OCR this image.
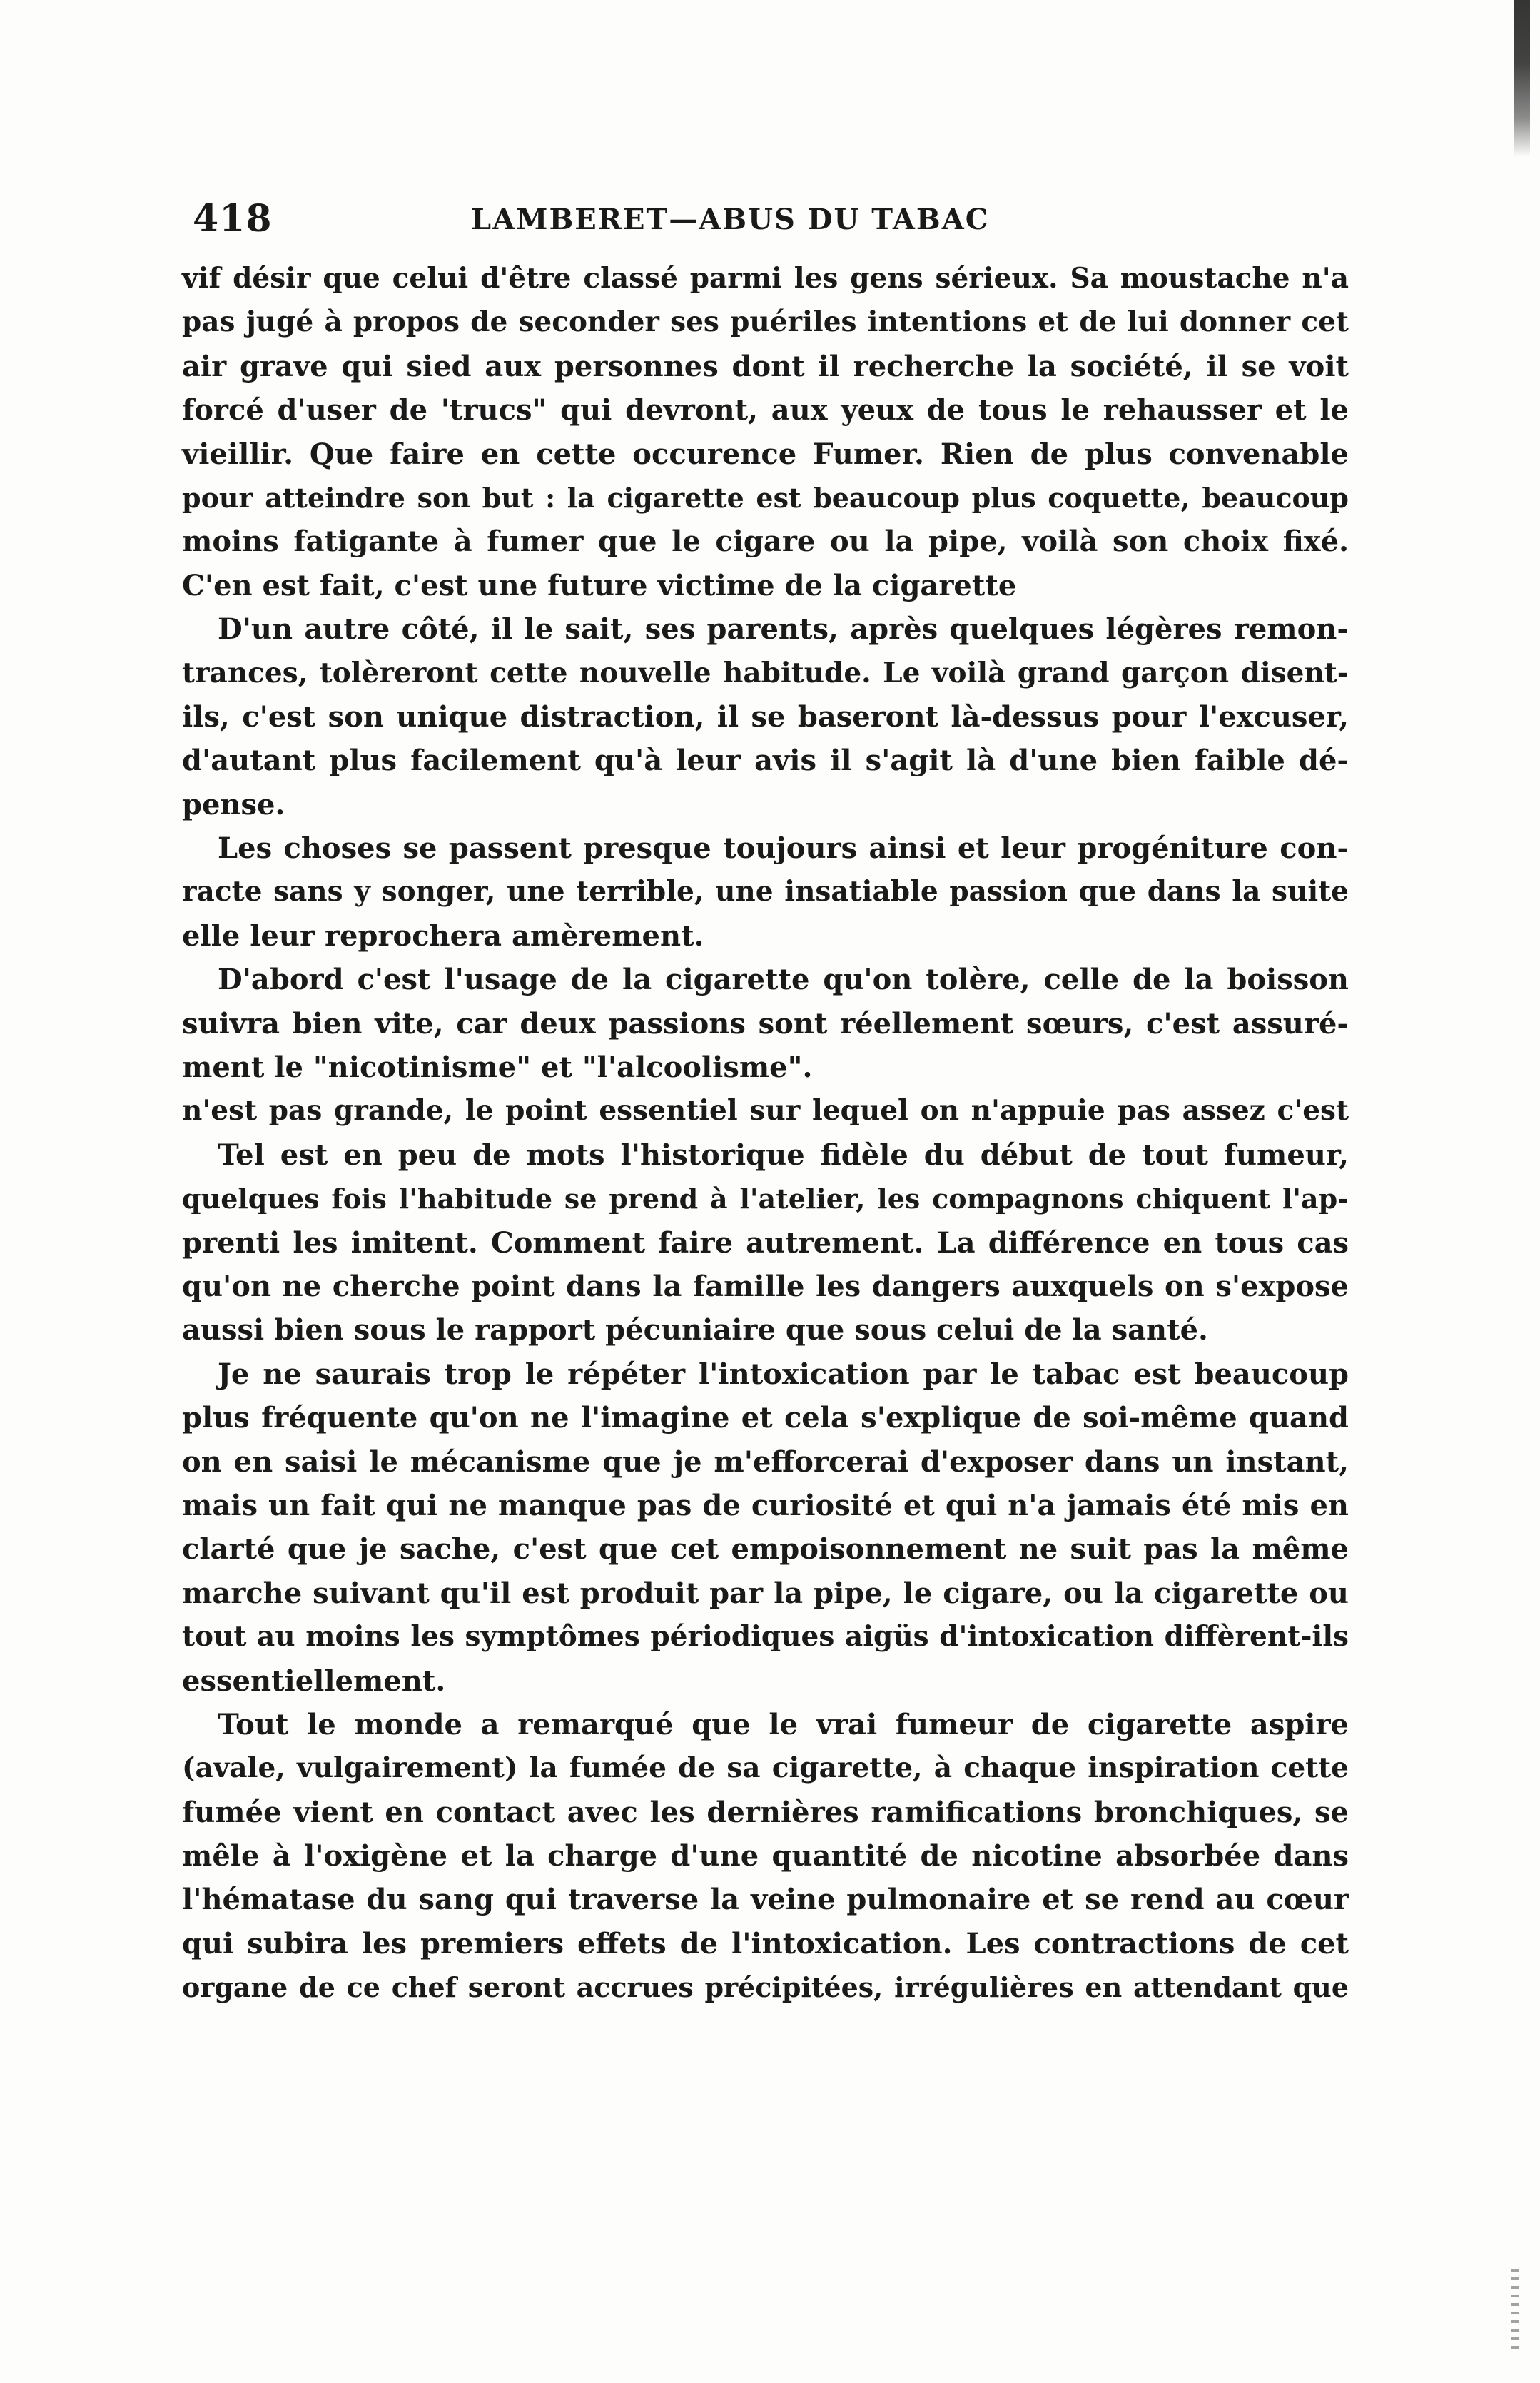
418	LAMBERET—ABUS DU TABAC
vif désir que celui d'être classé parmi les gens sérieux. Sa moustache n'a
pas jugé à propos de seconder ses puériles intentions et de lui donner cet
air grave qui sied aux personnes dont il recherche la société, il se voit
forcé d'user de 'trucs" qui devront, aux yeux de tous le rehausser et le
vieillir. Que faire en cette occurence Fumer. Rien de plus convenable
pour atteindre son but : la cigarette est beaucoup plus coquette, beaucoup
moins fatigante à fumer que le cigare ou la pipe, voilà son choix fixé.
C'en est fait, c'est une future victime de la cigarette
D'un autre côté, il le sait, ses parents, après quelques légères remon-
trances, tolèreront cette nouvelle habitude. Le voilà grand garçon disent-
ils, c'est son unique distraction, il se baseront là-dessus pour l'excuser,
d'autant plus facilement qu'à leur avis il s'agit là d'une bien faible dé-
pense.
Les choses se passent presque toujours ainsi et leur progéniture con-
racte sans y songer, une terrible, une insatiable passion que dans la suite
elle leur reprochera amèrement.
D'abord c'est l'usage de la cigarette qu'on tolère, celle de la boisson
suivra bien vite, car deux passions sont réellement sœurs, c'est assuré-
ment le "nicotinisme" et "l'alcoolisme".
n'est pas grande, le point essentiel sur lequel on n'appuie pas assez c'est
Tel est en peu de mots l'historique fidèle du début de tout fumeur,
quelques fois l'habitude se prend à l'atelier, les compagnons chiquent l'ap-
prenti les imitent. Comment faire autrement. La différence en tous cas
qu'on ne cherche point dans la famille les dangers auxquels on s'expose
aussi bien sous le rapport pécuniaire que sous celui de la santé.
Je ne saurais trop le répéter l'intoxication par le tabac est beaucoup
plus fréquente qu'on ne l'imagine et cela s'explique de soi-même quand
on en saisi le mécanisme que je m'efforcerai d'exposer dans un instant,
mais un fait qui ne manque pas de curiosité et qui n'a jamais été mis en
clarté que je sache, c'est que cet empoisonnement ne suit pas la même
marche suivant qu'il est produit par la pipe, le cigare, ou la cigarette ou
tout au moins les symptômes périodiques aigüs d'intoxication diffèrent-ils
essentiellement.
Tout le monde a remarqué que le vrai fumeur de cigarette aspire
(avale, vulgairement) la fumée de sa cigarette, à chaque inspiration cette
fumée vient en contact avec les dernières ramifications bronchiques, se
mêle à l'oxigène et la charge d'une quantité de nicotine absorbée dans
l'hématase du sang qui traverse la veine pulmonaire et se rend au cœur
qui subira les premiers effets de l'intoxication. Les contractions de cet
organe de ce chef seront accrues précipitées, irrégulières en attendant que
